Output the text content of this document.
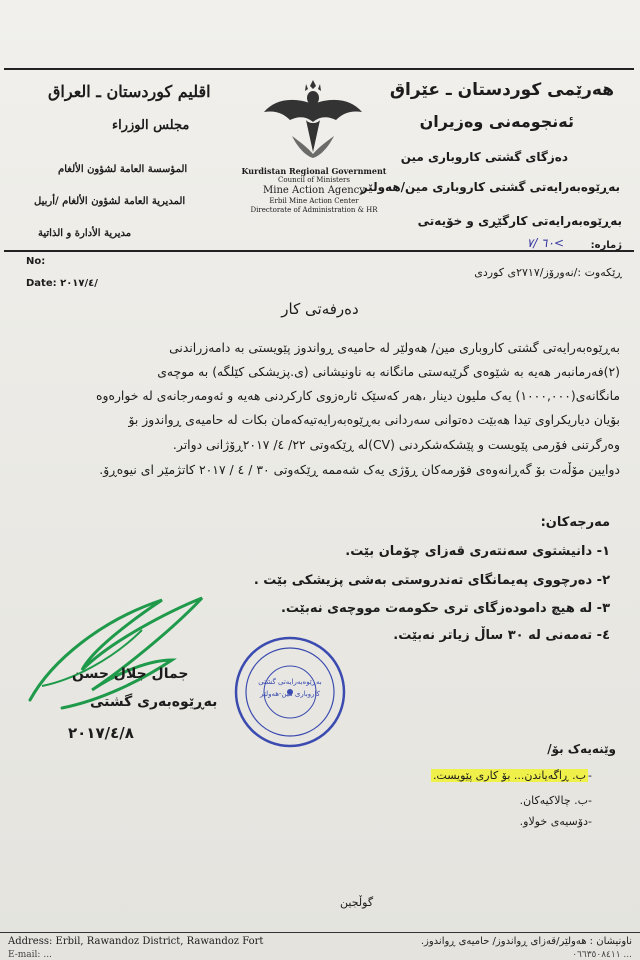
هەرێمی کوردستان ـ عێراق
ئەنجومەنی وەزیران
دەزگای گشتی کاروباری مین
بەڕێوەبەرایەتی گشتی کاروباری مین/هەولێر
بەڕێوەبەرایەتی کارگێڕی و خۆیەتی
اقليم كوردستان ـ العراق
مجلس الوزراء
المؤسسة العامة لشؤون الألغام
المديرية العامة لشؤون الألغام /أربيل
مديرية الأدارة و الذاتية
Kurdistan Regional Government
Council of Ministers
Mine Action Agency
Erbil Mine Action Center
Directorate of Administration & HR
No:
Date: ٢٠١٧/٤/
ژمارە:
٦٠ /٧<
ڕێکەوت :/نەورۆز/٢٧١٧ی کوردی
دەرفەتی کار
بەڕێوەبەرایەتی گشتی کاروباری مین/ هەولێر لە حامیەی ڕواندوز پێویستی بە دامەزراندنی
(٢)فەرمانبەر هەیە بە شێوەی گرێبەستی مانگانە بە ناونیشانی (ی.پزیشکی کێلگە) بە موچەی
مانگانەی(١٠٠٠,٠٠٠) یەک ملیون دینار ،هەر کەسێک ئارەزوی کارکردنی هەیە و ئەومەرجانەی لە خوارەوە
بۆیان دیاریکراوی تیدا هەبێت دەتوانی سەردانی بەڕێوەبەرایەتیەکەمان بکات لە حامیەی ڕواندوز بۆ
وەرگرتنی فۆرمی پێویست و پێشکەشکردنی (CV)لە ڕێکەوتی ٢٢/ ٤/ ٢٠١٧ڕۆژانی دواتر.
دوایین مۆڵەت بۆ گەڕانەوەی فۆرمەکان ڕۆژی یەک شەممە ڕێکەوتی ٣٠ / ٤ / ٢٠١٧ کاتژمێر ای نیوەڕۆ.
مەرجەکان:
١- دانیشتوی سەنتەری قەزای چۆمان بێت.
٢- دەرچووی پەیمانگای تەندروستی بەشی پزیشکی بێت .
٣- لە هیچ دامودەزگای تری حکومەت مووچەی نەبێت.
٤- تەمەنی لە ٣٠ ساڵ زیاتر نەبێت.
جمال جلال حسن
بەڕێوەبەری گشتی
٢٠١٧/٤/٨
بەڕێوەبەرایەتی گشتی
کاروباری مین-هەولێر
وێنەیەک بۆ/
ب. ڕاگەیاندن... بۆ کاری پێویست.
ب. چالاکیەکان.
دۆسیەی خولاو.
-
-
-
گوڵجین
Address: Erbil, Rawandoz District, Rawandoz Fort
E-mail: ...
ناونیشان : هەولێر/قەزای ڕواندوز/ حامیەی ڕواندوز.
٠٦٦٣٥٠٨٤١١ ...
